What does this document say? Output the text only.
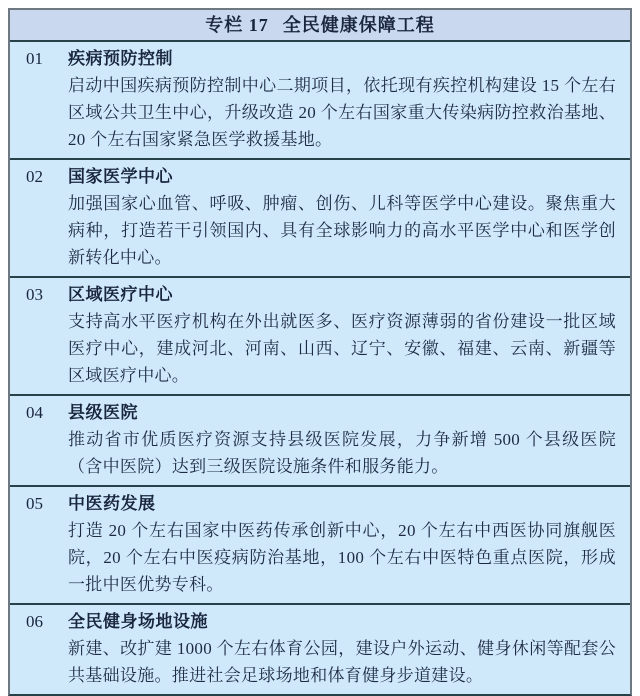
专栏 17 全民健康保障工程
01	疾病预防控制
启动中国疾病预防控制中心二期项目，依托现有疾控机构建设 15 个左右区域公共卫生中心，升级改造 20 个左右国家重大传染病防控救治基地、20 个左右国家紧急医学救援基地。
02	国家医学中心
加强国家心血管、呼吸、肿瘤、创伤、儿科等医学中心建设。聚焦重大病种，打造若干引领国内、具有全球影响力的高水平医学中心和医学创新转化中心。
03	区域医疗中心
支持高水平医疗机构在外出就医多、医疗资源薄弱的省份建设一批区域医疗中心，建成河北、河南、山西、辽宁、安徽、福建、云南、新疆等区域医疗中心。
04	县级医院
推动省市优质医疗资源支持县级医院发展，力争新增 500 个县级医院（含中医院）达到三级医院设施条件和服务能力。
05	中医药发展
打造 20 个左右国家中医药传承创新中心，20 个左右中西医协同旗舰医院，20 个左右中医疫病防治基地，100 个左右中医特色重点医院，形成一批中医优势专科。
06	全民健身场地设施
新建、改扩建 1000 个左右体育公园，建设户外运动、健身休闲等配套公共基础设施。推进社会足球场地和体育健身步道建设。
